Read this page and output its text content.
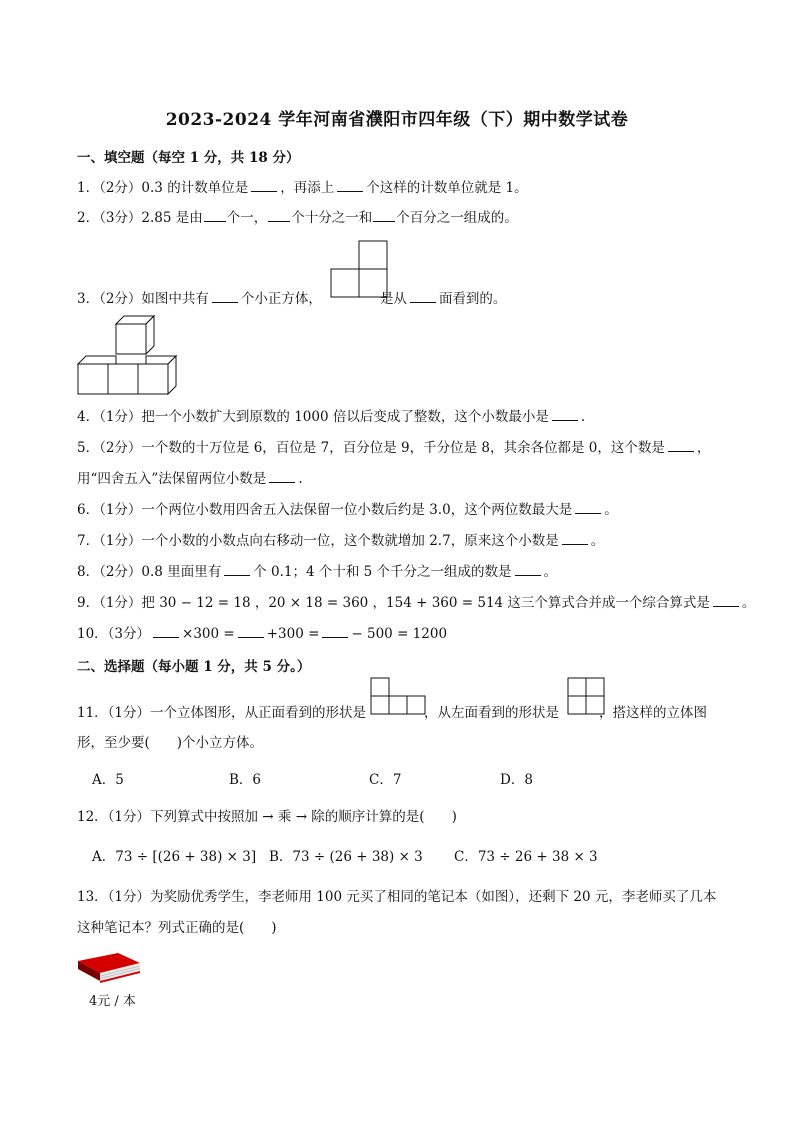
2023-2024 学年河南省濮阳市四年级（下）期中数学试卷
一、填空题（每空 1 分，共 18 分）
1．（2分）0.3 的计数单位是 ，再添上 个这样的计数单位就是 1。
2．（3分）2.85 是由 个一， 个十分之一和 个百分之一组成的。
3．（2分）如图中共有 个小正方体，	是从 面看到的。
4．（1分）把一个小数扩大到原数的 1000 倍以后变成了整数，这个小数最小是 .
5．（2分）一个数的十万位是 6，百位是 7，百分位是 9，千分位是 8，其余各位都是 0，这个数是 ，
用“四舍五入”法保留两位小数是 .
6．（1分）一个两位小数用四舍五入法保留一位小数后约是 3.0，这个两位数最大是 。
7．（1分）一个小数的小数点向右移动一位，这个数就增加 2.7，原来这个小数是 。
8．（2分）0.8 里面里有 个 0.1；4 个十和 5 个千分之一组成的数是 。
9．（1分）把 30 − 12 = 18 ，20 × 18 = 360 ，154 + 360 = 514 这三个算式合并成一个综合算式是 。
10．（3分） ×300 = +300 = − 500 = 1200
二、选择题（每小题 1 分，共 5 分。）
11．（1分）一个立体图形，从正面看到的形状是	，从左面看到的形状是	，搭这样的立体图
形，至少要(　　)个小立方体。
A．5	B．6	C．7	D．8
12．（1分）下列算式中按照加 → 乘 → 除的顺序计算的是(　　)
A．73 ÷ [(26 + 38) × 3] B．73 ÷ (26 + 38) × 3 C．73 ÷ 26 + 38 × 3
13．（1分）为奖励优秀学生，李老师用 100 元买了相同的笔记本（如图），还剩下 20 元，李老师买了几本
这种笔记本？列式正确的是(　　)
4元 / 本
